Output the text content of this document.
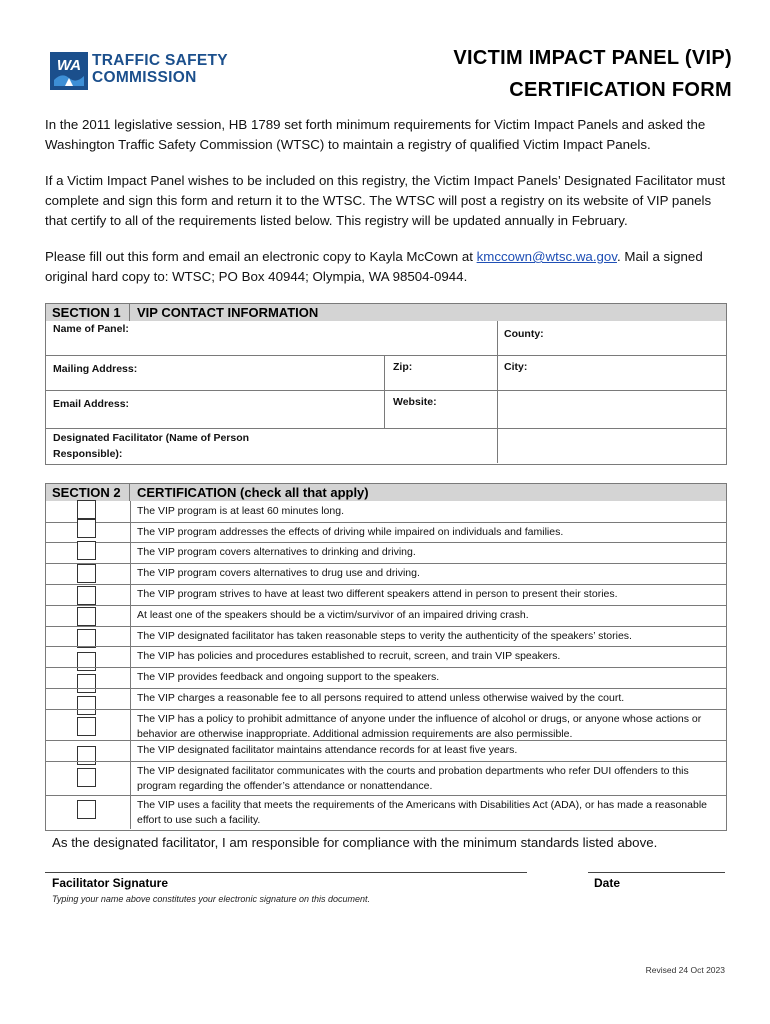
WA TRAFFIC SAFETY
COMMISSION
VICTIM IMPACT PANEL (VIP)
CERTIFICATION FORM
In the 2011 legislative session, HB 1789 set forth minimum requirements for Victim Impact Panels and asked the Washington Traffic Safety Commission (WTSC) to maintain a registry of qualified Victim Impact Panels.
If a Victim Impact Panel wishes to be included on this registry, the Victim Impact Panels’ Designated Facilitator must complete and sign this form and return it to the WTSC. The WTSC will post a registry on its website of VIP panels that certify to all of the requirements listed below. This registry will be updated annually in February.
Please fill out this form and email an electronic copy to Kayla McCown at kmccown@wtsc.wa.gov. Mail a signed original hard copy to: WTSC; PO Box 40944; Olympia, WA 98504-0944.
SECTION 1	VIP CONTACT INFORMATION
Name of Panel:	County:
Mailing Address:	Zip:	City:
Email Address:	Website:
Designated Facilitator (Name of Person
Responsible):
SECTION 2	CERTIFICATION (check all that apply)
The VIP program is at least 60 minutes long.
The VIP program addresses the effects of driving while impaired on individuals and families.
The VIP program covers alternatives to drinking and driving.
The VIP program covers alternatives to drug use and driving.
The VIP program strives to have at least two different speakers attend in person to present their stories.
At least one of the speakers should be a victim/survivor of an impaired driving crash.
The VIP designated facilitator has taken reasonable steps to verity the authenticity of the speakers’ stories.
The VIP has policies and procedures established to recruit, screen, and train VIP speakers.
The VIP provides feedback and ongoing support to the speakers.
The VIP charges a reasonable fee to all persons required to attend unless otherwise waived by the court.
The VIP has a policy to prohibit admittance of anyone under the influence of alcohol or drugs, or anyone whose actions or behavior are otherwise inappropriate. Additional admission requirements are also permissible.
The VIP designated facilitator maintains attendance records for at least five years.
The VIP designated facilitator communicates with the courts and probation departments who refer DUI offenders to this program regarding the offender’s attendance or nonattendance.
The VIP uses a facility that meets the requirements of the Americans with Disabilities Act (ADA), or has made a reasonable effort to use such a facility.
As the designated facilitator, I am responsible for compliance with the minimum standards listed above.
Facilitator Signature	Date
Typing your name above constitutes your electronic signature on this document.
Revised 24 Oct 2023
